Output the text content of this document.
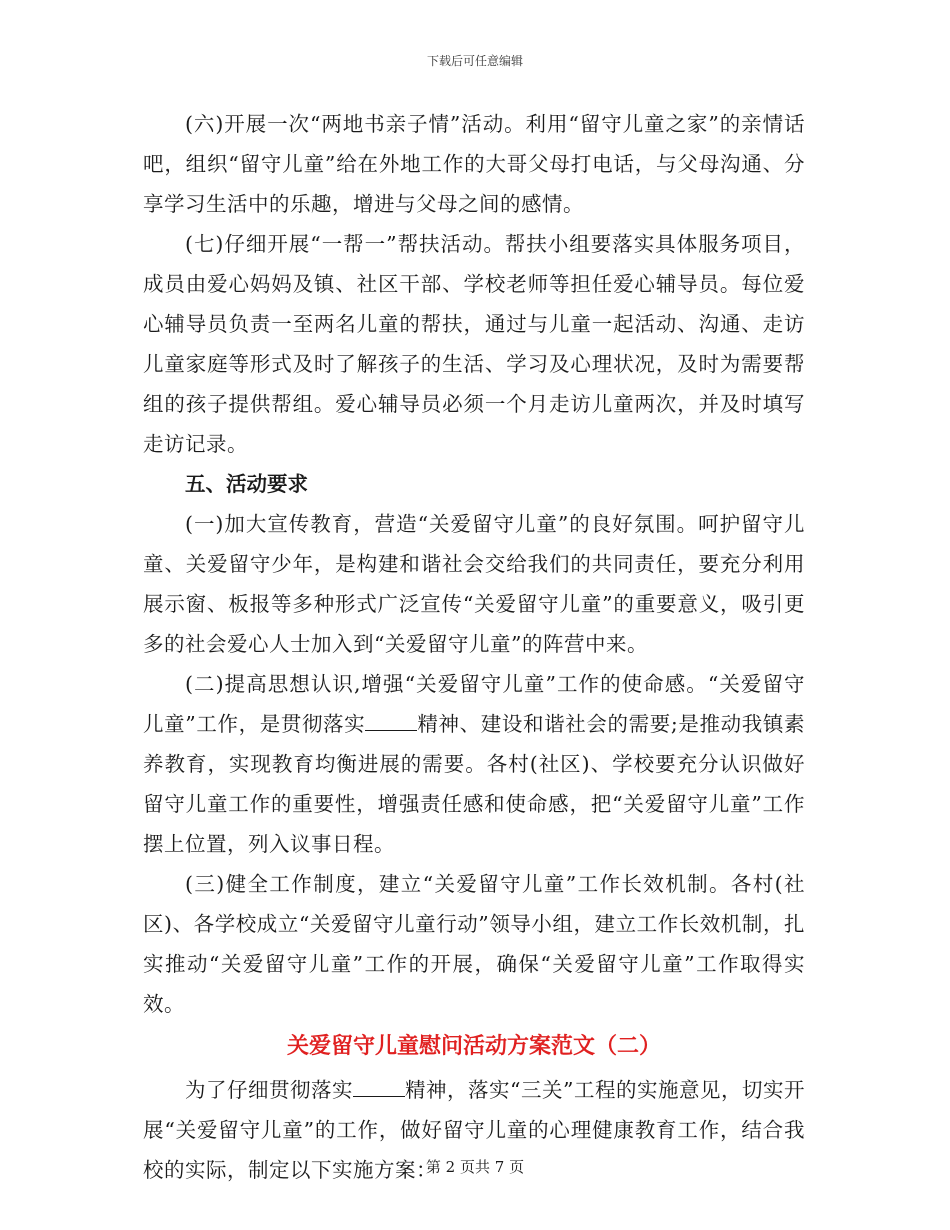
下载后可任意编辑

(六)开展一次“两地书亲子情”活动。利用“留守儿童之家”的亲情话吧，组织“留守儿童”给在外地工作的大哥父母打电话，与父母沟通、分享学习生活中的乐趣，增进与父母之间的感情。

(七)仔细开展“一帮一”帮扶活动。帮扶小组要落实具体服务项目，成员由爱心妈妈及镇、社区干部、学校老师等担任爱心辅导员。每位爱心辅导员负责一至两名儿童的帮扶，通过与儿童一起活动、沟通、走访儿童家庭等形式及时了解孩子的生活、学习及心理状况，及时为需要帮组的孩子提供帮组。爱心辅导员必须一个月走访儿童两次，并及时填写走访记录。

五、活动要求

(一)加大宣传教育，营造“关爱留守儿童”的良好氛围。呵护留守儿童、关爱留守少年，是构建和谐社会交给我们的共同责任，要充分利用展示窗、板报等多种形式广泛宣传“关爱留守儿童”的重要意义，吸引更多的社会爱心人士加入到“关爱留守儿童”的阵营中来。

(二)提高思想认识,增强“关爱留守儿童”工作的使命感。“关爱留守儿童”工作，是贯彻落实	精神、建设和谐社会的需要;是推动我镇素养教育，实现教育均衡进展的需要。各村(社区)、学校要充分认识做好留守儿童工作的重要性，增强责任感和使命感，把“关爱留守儿童”工作摆上位置，列入议事日程。

(三)健全工作制度，建立“关爱留守儿童”工作长效机制。各村(社区)、各学校成立“关爱留守儿童行动”领导小组，建立工作长效机制，扎实推动“关爱留守儿童”工作的开展，确保“关爱留守儿童”工作取得实效。

关爱留守儿童慰问活动方案范文（二）

为了仔细贯彻落实	精神，落实“三关”工程的实施意见，切实开展“关爱留守儿童”的工作，做好留守儿童的心理健康教育工作，结合我校的实际，制定以下实施方案：

第 2 页共 7 页
